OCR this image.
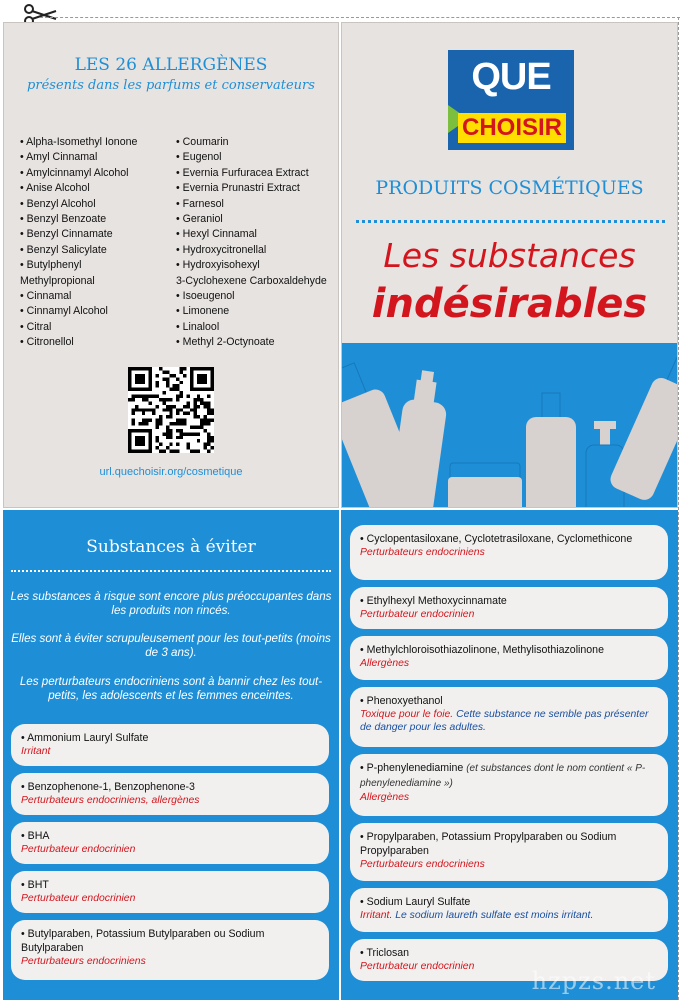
LES 26 ALLERGÈNES
présents dans les parfums et conservateurs
• Alpha-Isomethyl Ionone
• Amyl Cinnamal
• Amylcinnamyl Alcohol
• Anise Alcohol
• Benzyl Alcohol
• Benzyl Benzoate
• Benzyl Cinnamate
• Benzyl Salicylate
• Butylphenyl
Methylpropional
• Cinnamal
• Cinnamyl Alcohol
• Citral
• Citronellol
• Coumarin
• Eugenol
• Evernia Furfuracea Extract
• Evernia Prunastri Extract
• Farnesol
• Geraniol
• Hexyl Cinnamal
• Hydroxycitronellal
• Hydroxyisohexyl
3-Cyclohexene Carboxaldehyde
• Isoeugenol
• Limonene
• Linalool
• Methyl 2-Octynoate
url.quechoisir.org/cosmetique
QUE
CHOISIR
PRODUITS COSMÉTIQUES
Les substances
indésirables
Substances à éviter
Les substances à risque sont encore plus préoccupantes dans les produits non rincés.
Elles sont à éviter scrupuleusement pour les tout-petits (moins de 3 ans).
Les perturbateurs endocriniens sont à bannir chez les tout-petits, les adolescents et les femmes enceintes.
• Ammonium Lauryl Sulfate
Irritant
• Benzophenone-1, Benzophenone-3
Perturbateurs endocriniens, allergènes
• BHA
Perturbateur endocrinien
• BHT
Perturbateur endocrinien
• Butylparaben, Potassium Butylparaben ou Sodium Butylparaben
Perturbateurs endocriniens
• Cyclopentasiloxane, Cyclotetrasiloxane, Cyclomethicone
Perturbateurs endocriniens
• Ethylhexyl Methoxycinnamate
Perturbateur endocrinien
• Methylchloroisothiazolinone, Methylisothiazolinone
Allergènes
• Phenoxyethanol
Toxique pour le foie. Cette substance ne semble pas présenter de danger pour les adultes.
• P-phenylenediamine (et substances dont le nom contient « P-phenylenediamine »)
Allergènes
• Propylparaben, Potassium Propylparaben ou Sodium Propylparaben
Perturbateurs endocriniens
• Sodium Lauryl Sulfate
Irritant. Le sodium laureth sulfate est moins irritant.
• Triclosan
Perturbateur endocrinien
hzpzs.net
